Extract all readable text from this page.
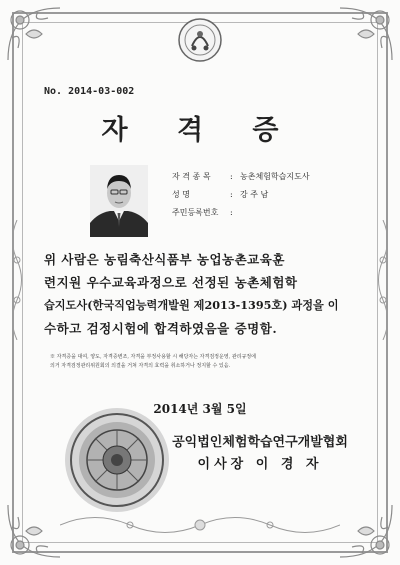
No. 2014-03-002
자 격 증
자 격 종 목 : 농촌체험학습지도사
성 명	: 강 주 남
주민등록번호 :
위 사람은 농림축산식품부 농업농촌교육훈
련지원 우수교육과정으로 선정된 농촌체험학
습지도사(한국직업능력개발원 제2013-1395호) 과정을 이
수하고 검정시험에 합격하였음을 증명함.
※ 자격증을 대여, 양도, 자격증변조, 자격을 부정사용할 시 해당자는 자격검정운영, 관리규정에
의거 자격검정관리위원회의 의결을 거쳐 자격의 효력을 취소하거나 정지할 수 있음.
2014년 3월 5일
공익법인체험학습연구개발협회
이사장 이 경 자
